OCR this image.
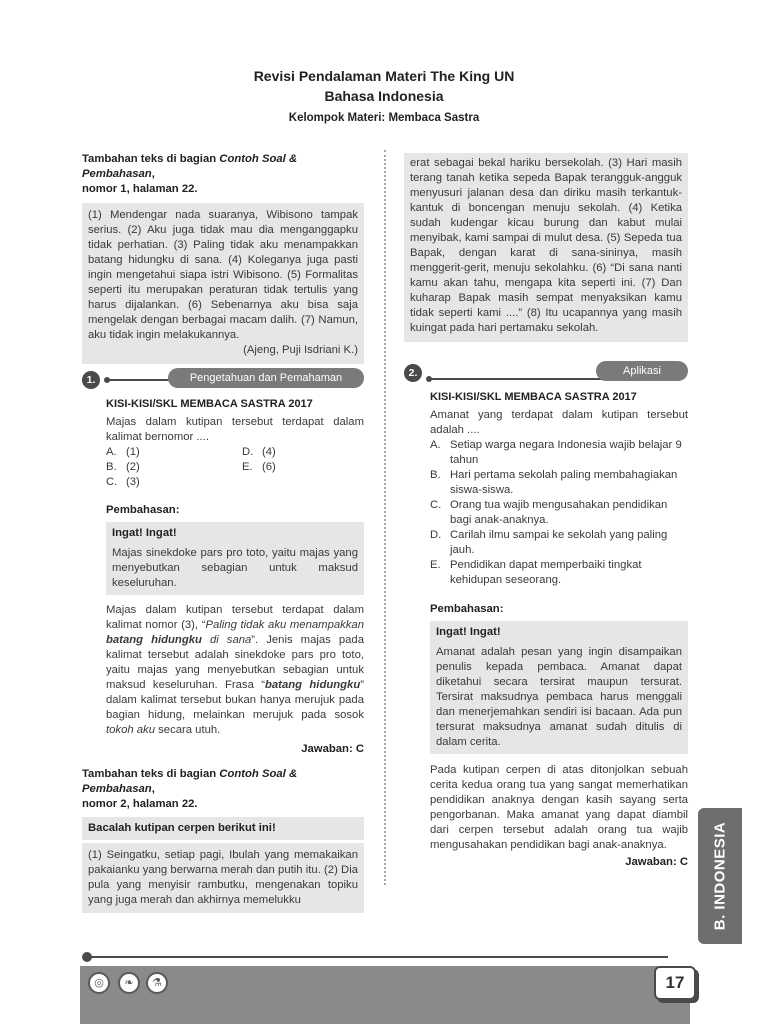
Revisi Pendalaman Materi The King UN
Bahasa Indonesia
Kelompok Materi: Membaca Sastra
Tambahan teks di bagian Contoh Soal & Pembahasan,
nomor 1, halaman 22.

(1) Mendengar nada suaranya, Wibisono tampak serius. (2) Aku juga tidak mau dia menganggapku tidak perhatian. (3) Paling tidak aku menampakkan batang hidungku di sana. (4) Koleganya juga pasti ingin mengetahui siapa istri Wibisono. (5) Formalitas seperti itu merupakan peraturan tidak tertulis yang harus dijalankan. (6) Sebenarnya aku bisa saja mengelak dengan berbagai macam dalih. (7) Namun, aku tidak ingin melakukannya.

(Ajeng, Puji Isdriani K.)

1.	Pengetahuan dan Pemahaman
KISI-KISI/SKL MEMBACA SASTRA 2017
Majas dalam kutipan tersebut terdapat dalam kalimat bernomor ....
A. (1)	D. (4)
B. (2)	E. (6)
C. (3)
Pembahasan:
Ingat! Ingat!
Majas sinekdoke pars pro toto, yaitu majas yang menyebutkan sebagian untuk maksud keseluruhan.
Majas dalam kutipan tersebut terdapat dalam kalimat nomor (3), “Paling tidak aku menampakkan batang hidungku di sana”. Jenis majas pada kalimat tersebut adalah sinekdoke pars pro toto, yaitu majas yang menyebutkan sebagian untuk maksud keseluruhan. Frasa “batang hidungku” dalam kalimat tersebut bukan hanya merujuk pada bagian hidung, melainkan merujuk pada sosok tokoh aku secara utuh.
Jawaban: C
Tambahan teks di bagian Contoh Soal & Pembahasan,
nomor 2, halaman 22.
Bacalah kutipan cerpen berikut ini!

(1) Seingatku, setiap pagi, Ibulah yang memakaikan pakaianku yang berwarna merah dan putih itu. (2) Dia pula yang menyisir rambutku, mengenakan topiku yang juga merah dan akhirnya memelukku

erat sebagai bekal hariku bersekolah. (3) Hari masih terang tanah ketika sepeda Bapak terangguk-angguk menyusuri jalanan desa dan diriku masih terkantuk-kantuk di boncengan menuju sekolah. (4) Ketika sudah kudengar kicau burung dan kabut mulai menyibak, kami sampai di mulut desa. (5) Sepeda tua Bapak, dengan karat di sana-sininya, masih menggerit-gerit, menuju sekolahku. (6) “Di sana nanti kamu akan tahu, mengapa kita seperti ini. (7) Dan kuharap Bapak masih sempat menyaksikan kamu tidak seperti kami ....” (8) Itu ucapannya yang masih kuingat pada hari pertamaku sekolah.

2.	Aplikasi
KISI-KISI/SKL MEMBACA SASTRA 2017
Amanat yang terdapat dalam kutipan tersebut adalah ....
A. Setiap warga negara Indonesia wajib belajar 9 tahun
B. Hari pertama sekolah paling membahagiakan siswa-siswa.
C. Orang tua wajib mengusahakan pendidikan bagi anak-anaknya.
D. Carilah ilmu sampai ke sekolah yang paling jauh.
E. Pendidikan dapat memperbaiki tingkat kehidupan seseorang.
Pembahasan:
Ingat! Ingat!
Amanat adalah pesan yang ingin disampaikan penulis kepada pembaca. Amanat dapat diketahui secara tersirat maupun tersurat. Tersirat maksudnya pembaca harus menggali dan menerjemahkan sendiri isi bacaan. Ada pun tersurat maksudnya amanat sudah ditulis di dalam cerita.
Pada kutipan cerpen di atas ditonjolkan sebuah cerita kedua orang tua yang sangat memerhatikan pendidikan anaknya dengan kasih sayang serta pengorbanan. Maka amanat yang dapat diambil dari cerpen tersebut adalah orang tua wajib mengusahakan pendidikan bagi anak-anaknya.
Jawaban: C B. INDONESIA
◎	❧	⚗	17
